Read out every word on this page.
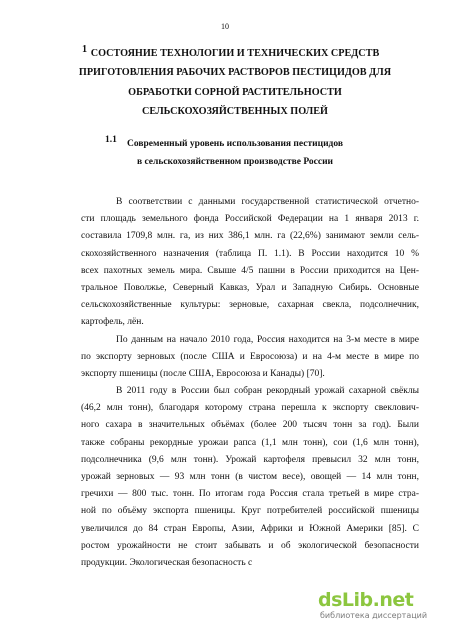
10
1 СОСТОЯНИЕ ТЕХНОЛОГИИ И ТЕХНИЧЕСКИХ СРЕДСТВ
ПРИГОТОВЛЕНИЯ РАБОЧИХ РАСТВОРОВ ПЕСТИЦИДОВ ДЛЯ
ОБРАБОТКИ СОРНОЙ РАСТИТЕЛЬНОСТИ
СЕЛЬСКОХОЗЯЙСТВЕННЫХ ПОЛЕЙ
1.1	Современный уровень использования пестицидов
в сельскохозяйственном производстве России
В соответствии с данными государственной статистической отчетно-
сти площадь земельного фонда Российской Федерации на 1 января 2013 г.
составила 1709,8 млн. га, из них 386,1 млн. га (22,6%) занимают земли сель-
скохозяйственного назначения (таблица П. 1.1). В России находится 10 %
всех пахотных земель мира. Свыше 4/5 пашни в России приходится на Цен-
тральное Поволжье, Северный Кавказ, Урал и Западную Сибирь. Основные
сельскохозяйственные культуры: зерновые, сахарная свекла, подсолнечник,
картофель, лён.
По данным на начало 2010 года, Россия находится на 3-м месте в мире
по экспорту зерновых (после США и Евросоюза) и на 4-м месте в мире по
экспорту пшеницы (после США, Евросоюза и Канады) [70].
В 2011 году в России был собран рекордный урожай сахарной свёклы
(46,2 млн тонн), благодаря которому страна перешла к экспорту свеклович-
ного сахара в значительных объёмах (более 200 тысяч тонн за год). Были
также собраны рекордные урожаи рапса (1,1 млн тонн), сои (1,6 млн тонн),
подсолнечника (9,6 млн тонн). Урожай картофеля превысил 32 млн тонн,
урожай зерновых — 93 млн тонн (в чистом весе), овощей — 14 млн тонн,
гречихи — 800 тыс. тонн. По итогам года Россия стала третьей в мире стра-
ной по объёму экспорта пшеницы. Круг потребителей российской пшеницы
увеличился до 84 стран Европы, Азии, Африки и Южной Америки [85]. С
ростом урожайности не стоит забывать и об экологической безопасности
продукции. Экологическая безопасность с
dsLib.net
библиотека диссертаций
